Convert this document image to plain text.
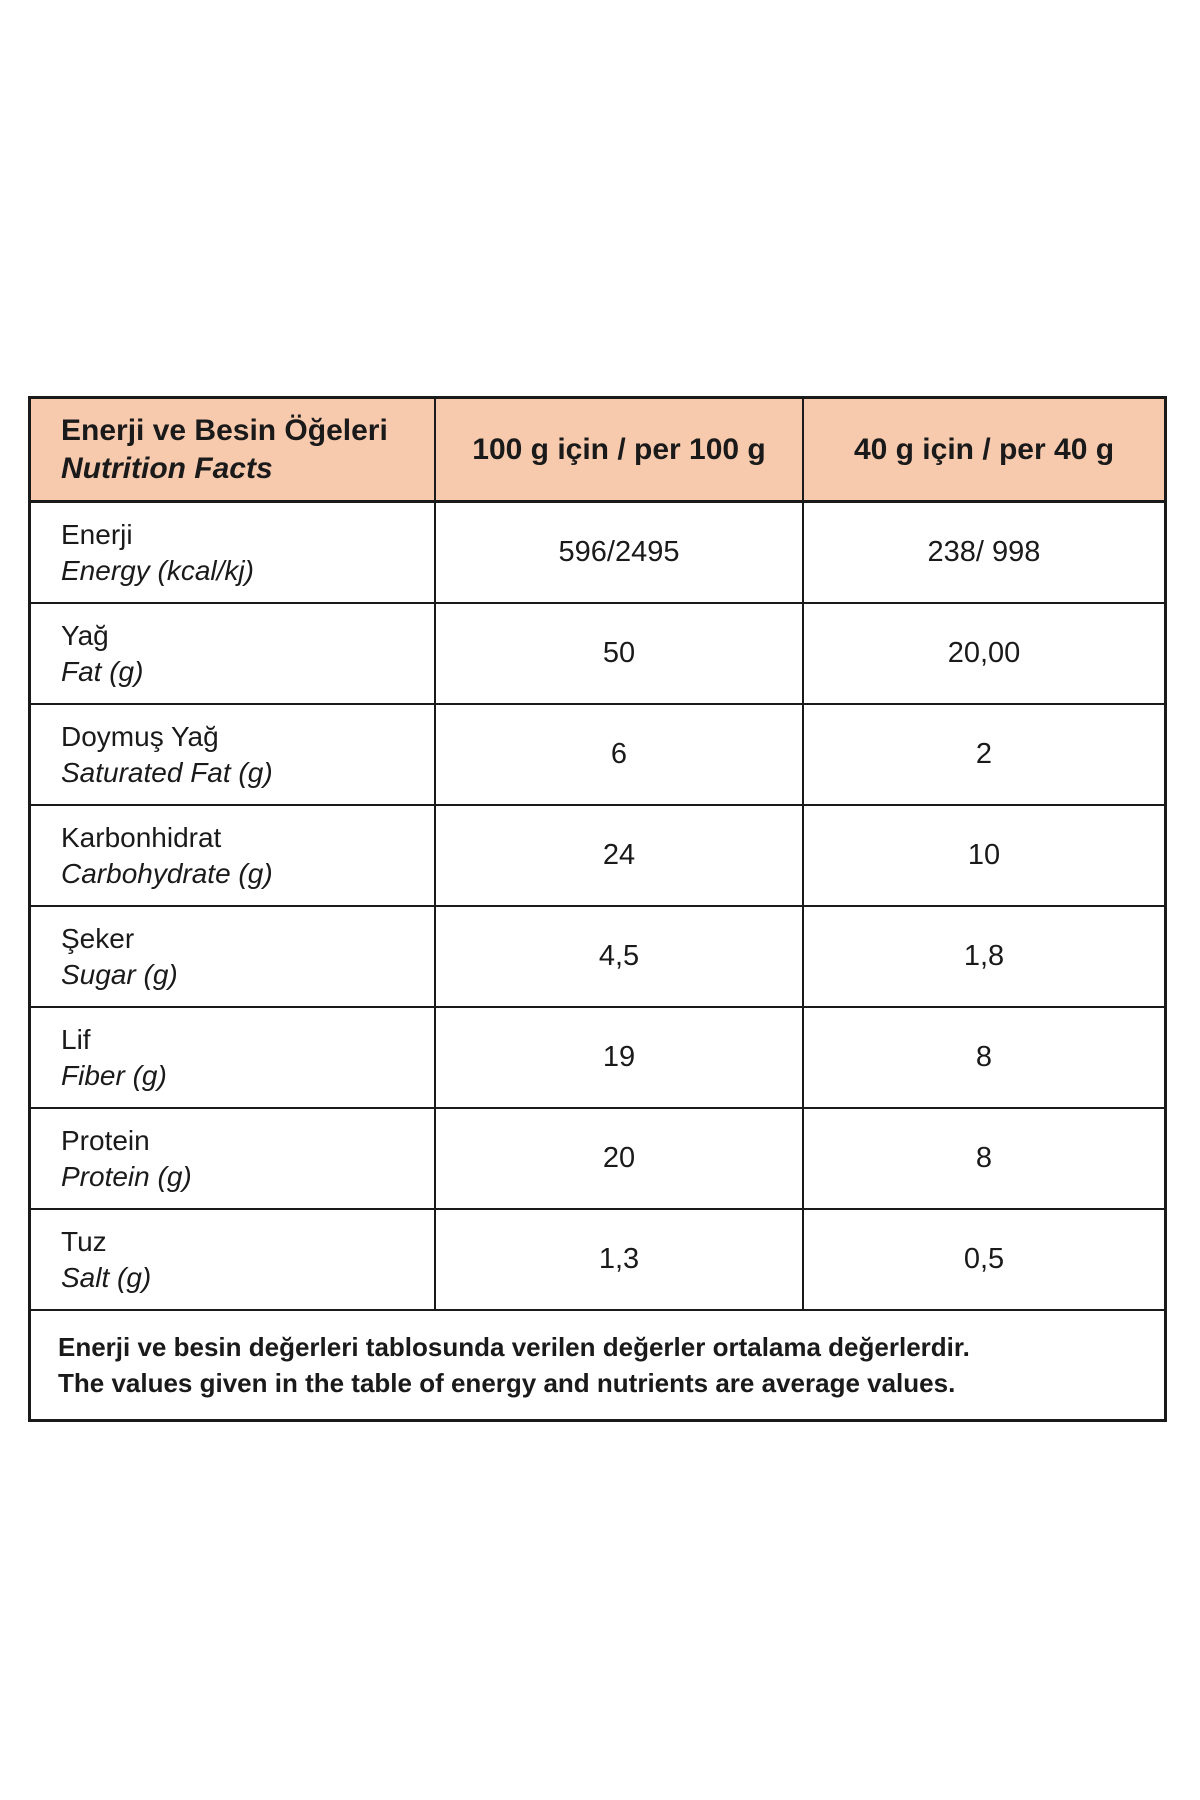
Enerji ve Besin Öğeleri
Nutrition Facts
100 g için / per 100 g	40 g için / per 40 g
Enerji
Energy (kcal/kj)
596/2495	238/ 998
Yağ
Fat (g)
50	20,00
Doymuş Yağ
Saturated Fat (g)
6	2
Karbonhidrat
Carbohydrate (g)
24	10
Şeker
Sugar (g)
4,5	1,8
Lif
Fiber (g)
19	8
Protein
Protein (g)
20	8
Tuz
Salt (g)
1,3	0,5
Enerji ve besin değerleri tablosunda verilen değerler ortalama değerlerdir.
The values given in the table of energy and nutrients are average values.
